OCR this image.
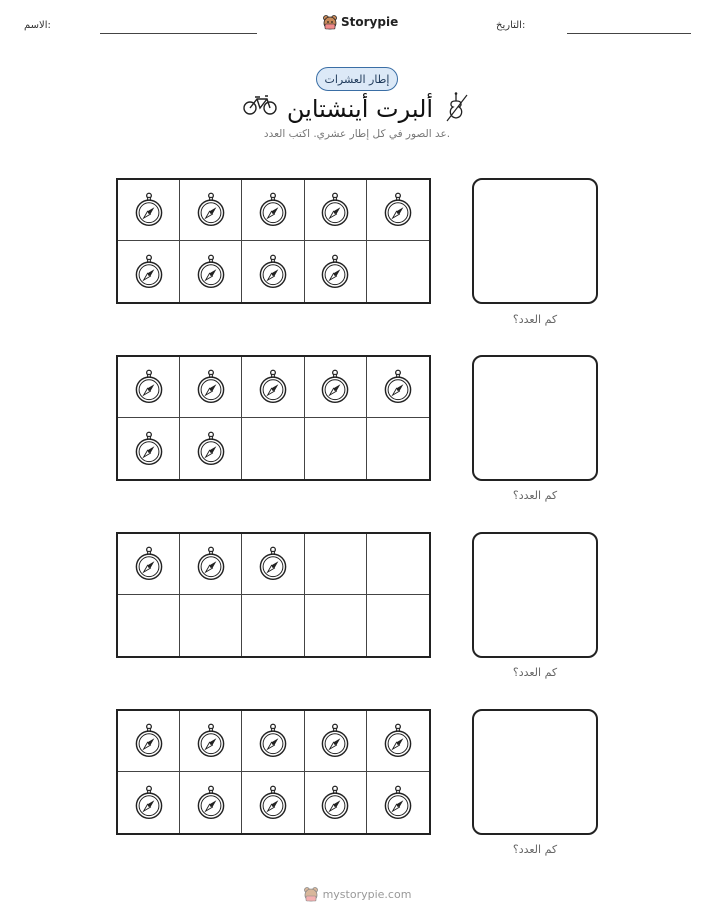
الاسم:	Storypie	التاريخ:
إطار العشرات
ألبرت أينشتاين
عد الصور في كل إطار عشري. اكتب العدد.
كم العدد؟
كم العدد؟
كم العدد؟
كم العدد؟
mystorypie.com
